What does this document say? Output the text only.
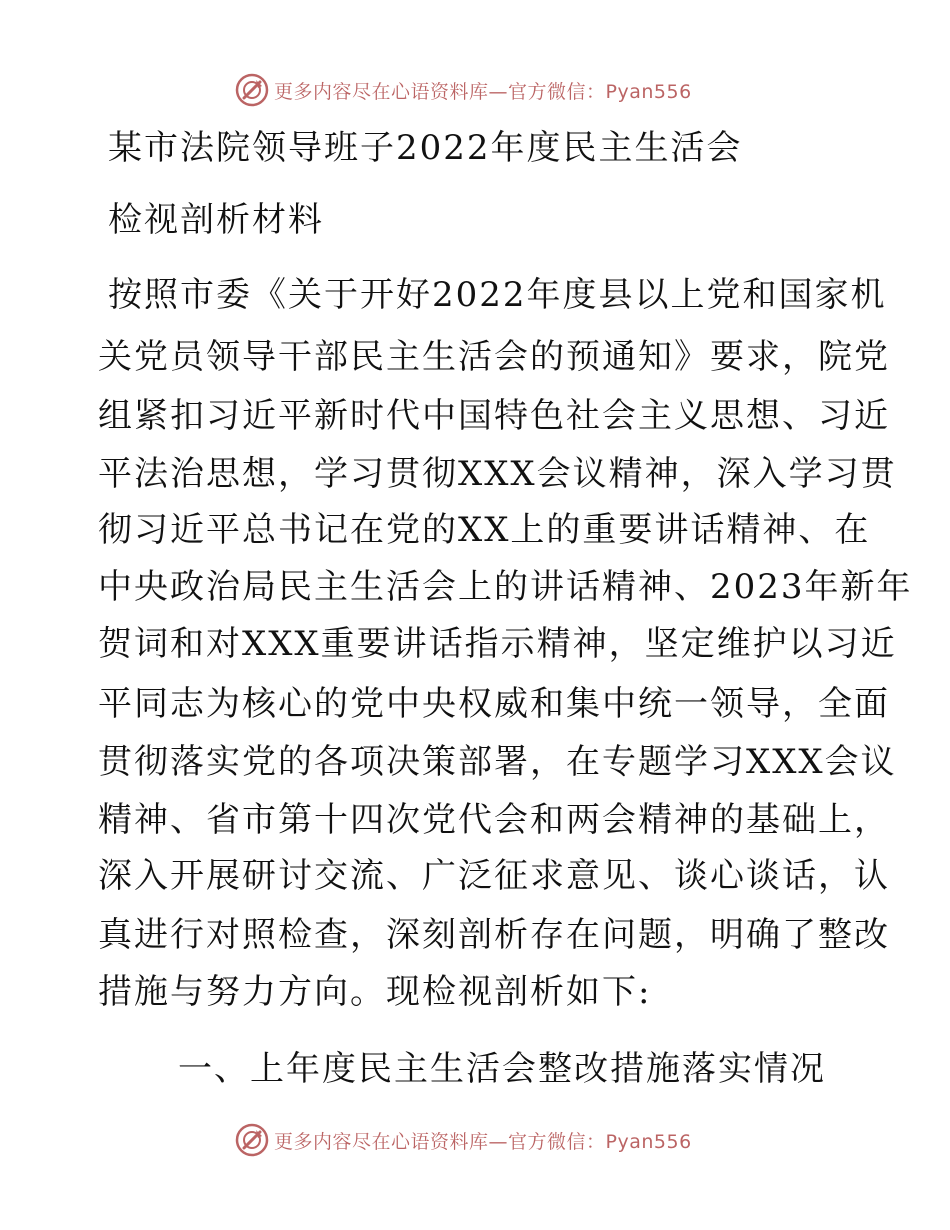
更多内容尽在心语资料库—官方微信：Pyan556
某市法院领导班子2022年度民主生活会
检视剖析材料
按照市委《关于开好2022年度县以上党和国家机
关党员领导干部民主生活会的预通知》要求，院党
组紧扣习近平新时代中国特色社会主义思想、习近
平法治思想，学习贯彻XXX会议精神，深入学习贯
彻习近平总书记在党的XX上的重要讲话精神、在
中央政治局民主生活会上的讲话精神、2023年新年
贺词和对XXX重要讲话指示精神，坚定维护以习近
平同志为核心的党中央权威和集中统一领导，全面
贯彻落实党的各项决策部署，在专题学习XXX会议
精神、省市第十四次党代会和两会精神的基础上，
深入开展研讨交流、广泛征求意见、谈心谈话，认
真进行对照检查，深刻剖析存在问题，明确了整改
措施与努力方向。现检视剖析如下:
一、上年度民主生活会整改措施落实情况
更多内容尽在心语资料库—官方微信：Pyan556
